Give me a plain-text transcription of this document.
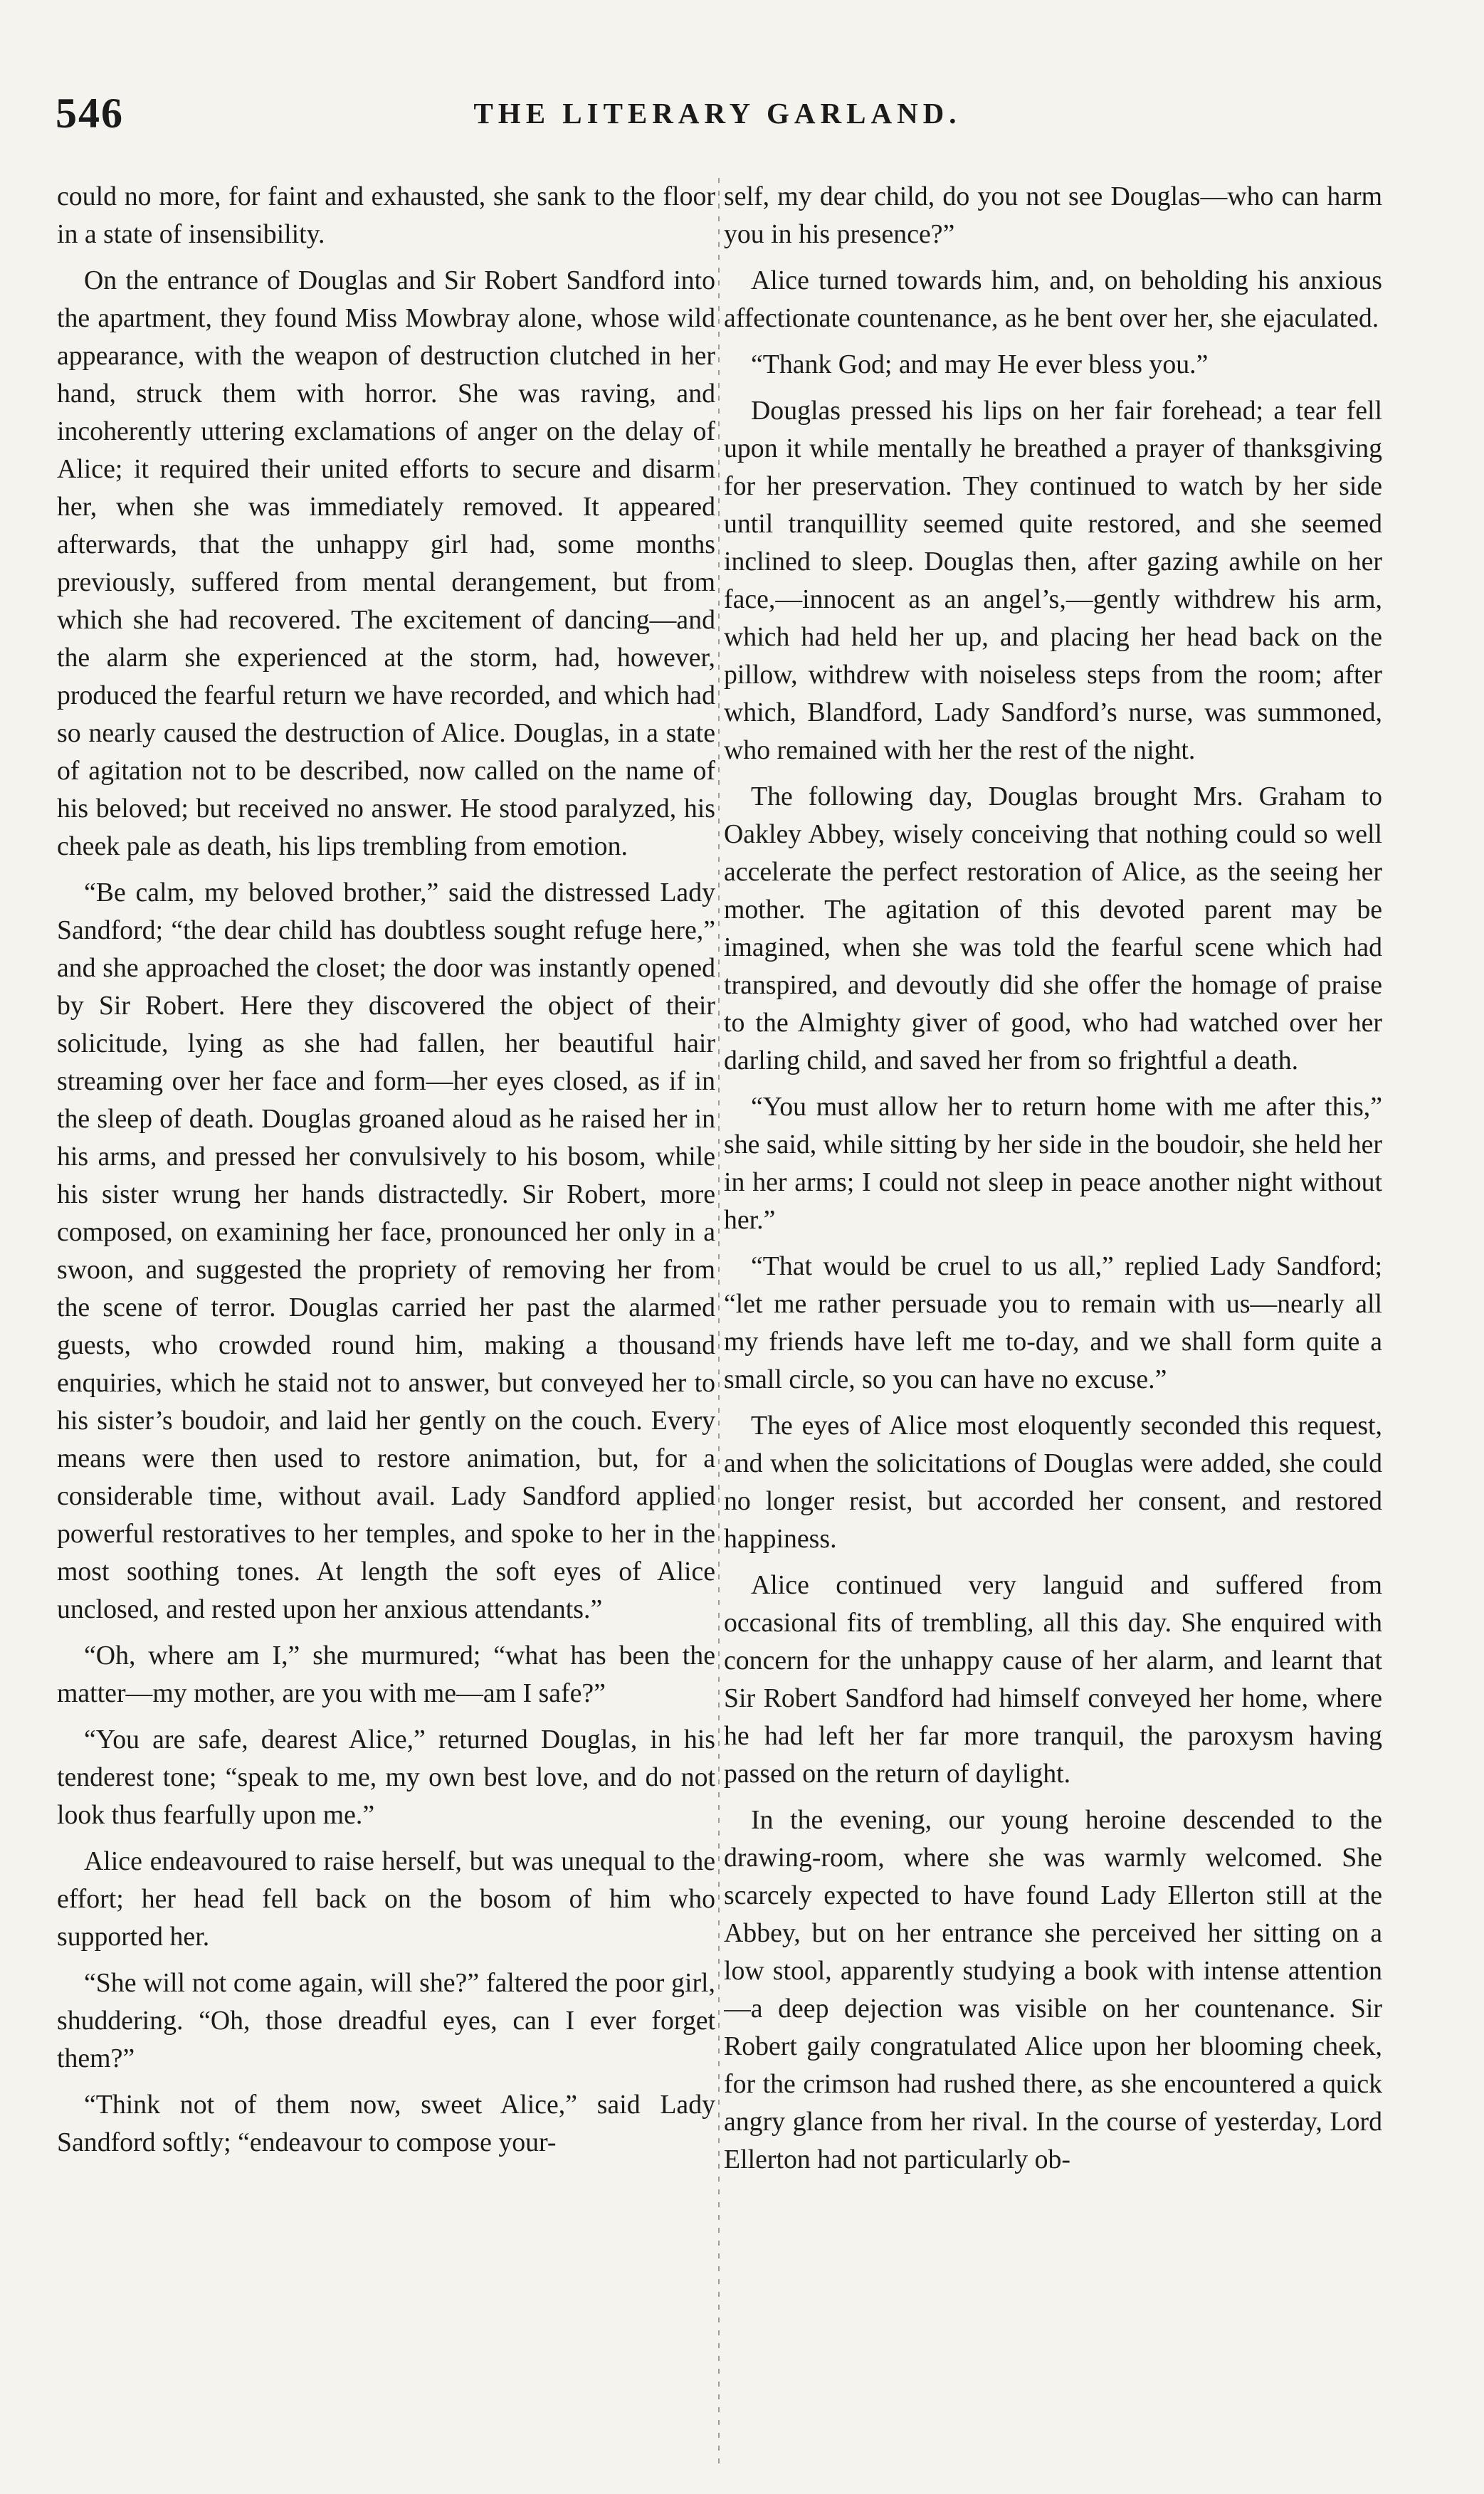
546	THE LITERARY GARLAND.

could no more, for faint and exhausted, she sank to the floor in a state of insensibility.

On the entrance of Douglas and Sir Robert Sandford into the apartment, they found Miss Mowbray alone, whose wild appearance, with the weapon of destruction clutched in her hand, struck them with horror. She was raving, and incoherently uttering exclamations of anger on the delay of Alice; it required their united efforts to secure and disarm her, when she was immediately removed. It appeared afterwards, that the unhappy girl had, some months previously, suffered from mental derangement, but from which she had recovered. The excitement of dancing—and the alarm she experienced at the storm, had, however, produced the fearful return we have recorded, and which had so nearly caused the destruction of Alice. Douglas, in a state of agitation not to be described, now called on the name of his beloved; but received no answer. He stood paralyzed, his cheek pale as death, his lips trembling from emotion.

“Be calm, my beloved brother,” said the distressed Lady Sandford; “the dear child has doubtless sought refuge here,” and she approached the closet; the door was instantly opened by Sir Robert. Here they discovered the object of their solicitude, lying as she had fallen, her beautiful hair streaming over her face and form—her eyes closed, as if in the sleep of death. Douglas groaned aloud as he raised her in his arms, and pressed her convulsively to his bosom, while his sister wrung her hands distractedly. Sir Robert, more composed, on examining her face, pronounced her only in a swoon, and suggested the propriety of removing her from the scene of terror. Douglas carried her past the alarmed guests, who crowded round him, making a thousand enquiries, which he staid not to answer, but conveyed her to his sister’s boudoir, and laid her gently on the couch. Every means were then used to restore animation, but, for a considerable time, without avail. Lady Sandford applied powerful restoratives to her temples, and spoke to her in the most soothing tones. At length the soft eyes of Alice unclosed, and rested upon her anxious attendants.”

“Oh, where am I,” she murmured; “what has been the matter—my mother, are you with me—am I safe?”

“You are safe, dearest Alice,” returned Douglas, in his tenderest tone; “speak to me, my own best love, and do not look thus fearfully upon me.”

Alice endeavoured to raise herself, but was unequal to the effort; her head fell back on the bosom of him who supported her.

“She will not come again, will she?” faltered the poor girl, shuddering. “Oh, those dreadful eyes, can I ever forget them?”

“Think not of them now, sweet Alice,” said Lady Sandford softly; “endeavour to compose your-

self, my dear child, do you not see Douglas—who can harm you in his presence?”

Alice turned towards him, and, on beholding his anxious affectionate countenance, as he bent over her, she ejaculated.

“Thank God; and may He ever bless you.”

Douglas pressed his lips on her fair forehead; a tear fell upon it while mentally he breathed a prayer of thanksgiving for her preservation. They continued to watch by her side until tranquillity seemed quite restored, and she seemed inclined to sleep. Douglas then, after gazing awhile on her face,—innocent as an angel’s,—gently withdrew his arm, which had held her up, and placing her head back on the pillow, withdrew with noiseless steps from the room; after which, Blandford, Lady Sandford’s nurse, was summoned, who remained with her the rest of the night.

The following day, Douglas brought Mrs. Graham to Oakley Abbey, wisely conceiving that nothing could so well accelerate the perfect restoration of Alice, as the seeing her mother. The agitation of this devoted parent may be imagined, when she was told the fearful scene which had transpired, and devoutly did she offer the homage of praise to the Almighty giver of good, who had watched over her darling child, and saved her from so frightful a death.

“You must allow her to return home with me after this,” she said, while sitting by her side in the boudoir, she held her in her arms; I could not sleep in peace another night without her.”

“That would be cruel to us all,” replied Lady Sandford; “let me rather persuade you to remain with us—nearly all my friends have left me to-day, and we shall form quite a small circle, so you can have no excuse.”

The eyes of Alice most eloquently seconded this request, and when the solicitations of Douglas were added, she could no longer resist, but accorded her consent, and restored happiness.

Alice continued very languid and suffered from occasional fits of trembling, all this day. She enquired with concern for the unhappy cause of her alarm, and learnt that Sir Robert Sandford had himself conveyed her home, where he had left her far more tranquil, the paroxysm having passed on the return of daylight.

In the evening, our young heroine descended to the drawing-room, where she was warmly welcomed. She scarcely expected to have found Lady Ellerton still at the Abbey, but on her entrance she perceived her sitting on a low stool, apparently studying a book with intense attention—a deep dejection was visible on her countenance. Sir Robert gaily congratulated Alice upon her blooming cheek, for the crimson had rushed there, as she encountered a quick angry glance from her rival. In the course of yesterday, Lord Ellerton had not particularly ob-
